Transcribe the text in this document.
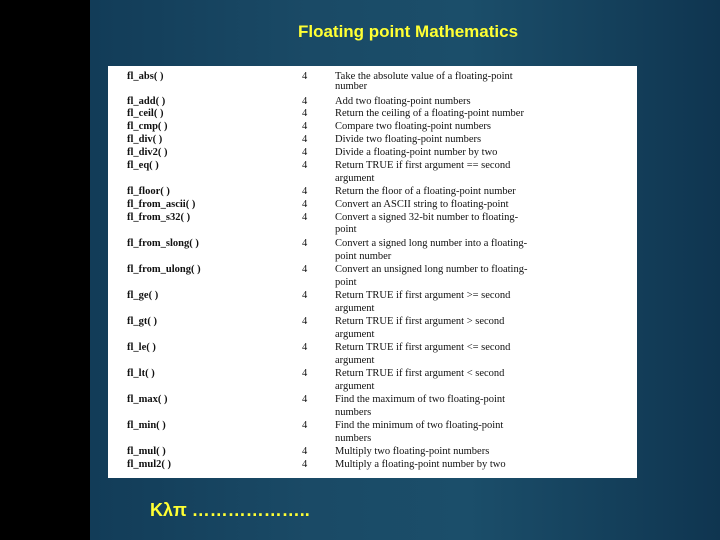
Floating point Mathematics
fl_abs( )	4	Take the absolute value of a floating-point
number
fl_add( )	4	Add two floating-point numbers
fl_ceil( )	4	Return the ceiling of a floating-point number
fl_cmp( )	4	Compare two floating-point numbers
fl_div( )	4	Divide two floating-point numbers
fl_div2( )	4	Divide a floating-point number by two
fl_eq( )	4	Return TRUE if first argument == second
argument
fl_floor( )	4	Return the floor of a floating-point number
fl_from_ascii( )	4	Convert an ASCII string to floating-point
fl_from_s32( )	4	Convert a signed 32-bit number to floating-
point
fl_from_slong( )	4	Convert a signed long number into a floating-
point number
fl_from_ulong( )	4	Convert an unsigned long number to floating-
point
fl_ge( )	4	Return TRUE if first argument >= second
argument
fl_gt( )	4	Return TRUE if first argument > second
argument
fl_le( )	4	Return TRUE if first argument <= second
argument
fl_lt( )	4	Return TRUE if first argument < second
argument
fl_max( )	4	Find the maximum of two floating-point
numbers
fl_min( )	4	Find the minimum of two floating-point
numbers
fl_mul( )	4	Multiply two floating-point numbers
fl_mul2( )	4	Multiply a floating-point number by two
Κλπ ………………..
